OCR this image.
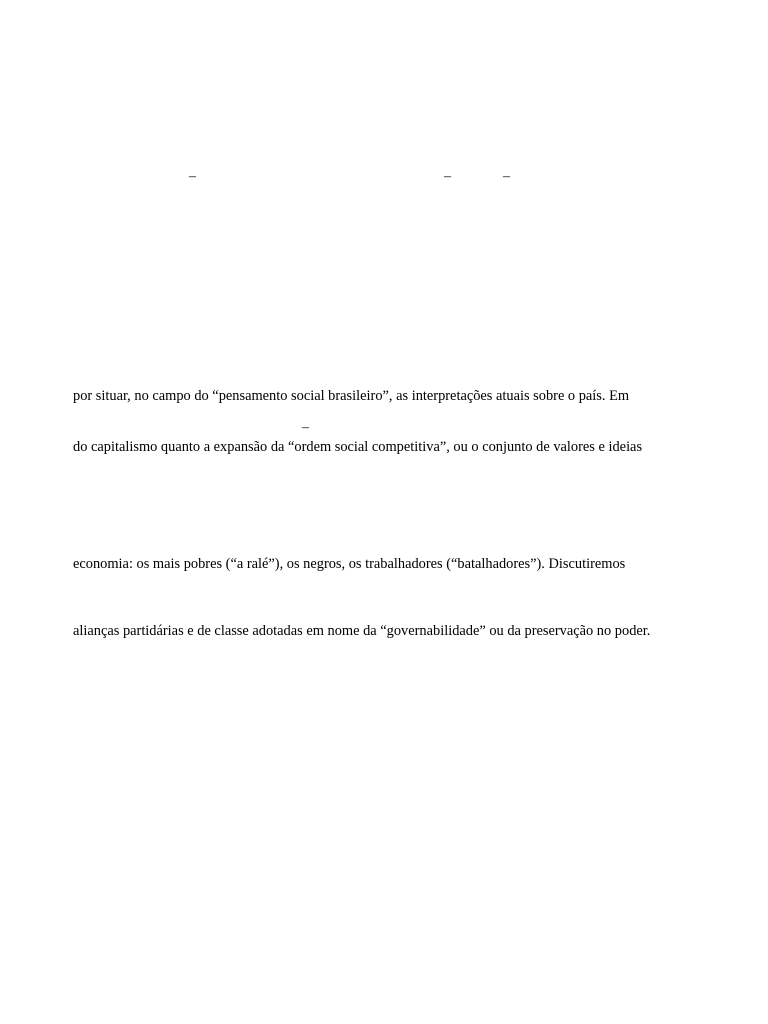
–	–	–
por situar, no campo do “pensamento social brasileiro”, as interpretações atuais sobre o país. Em
–
do capitalismo quanto a expansão da “ordem social competitiva”, ou o conjunto de valores e ideias
economia: os mais pobres (“a ralé”), os negros, os trabalhadores (“batalhadores”). Discutiremos
alianças partidárias e de classe adotadas em nome da “governabilidade” ou da preservação no poder.
